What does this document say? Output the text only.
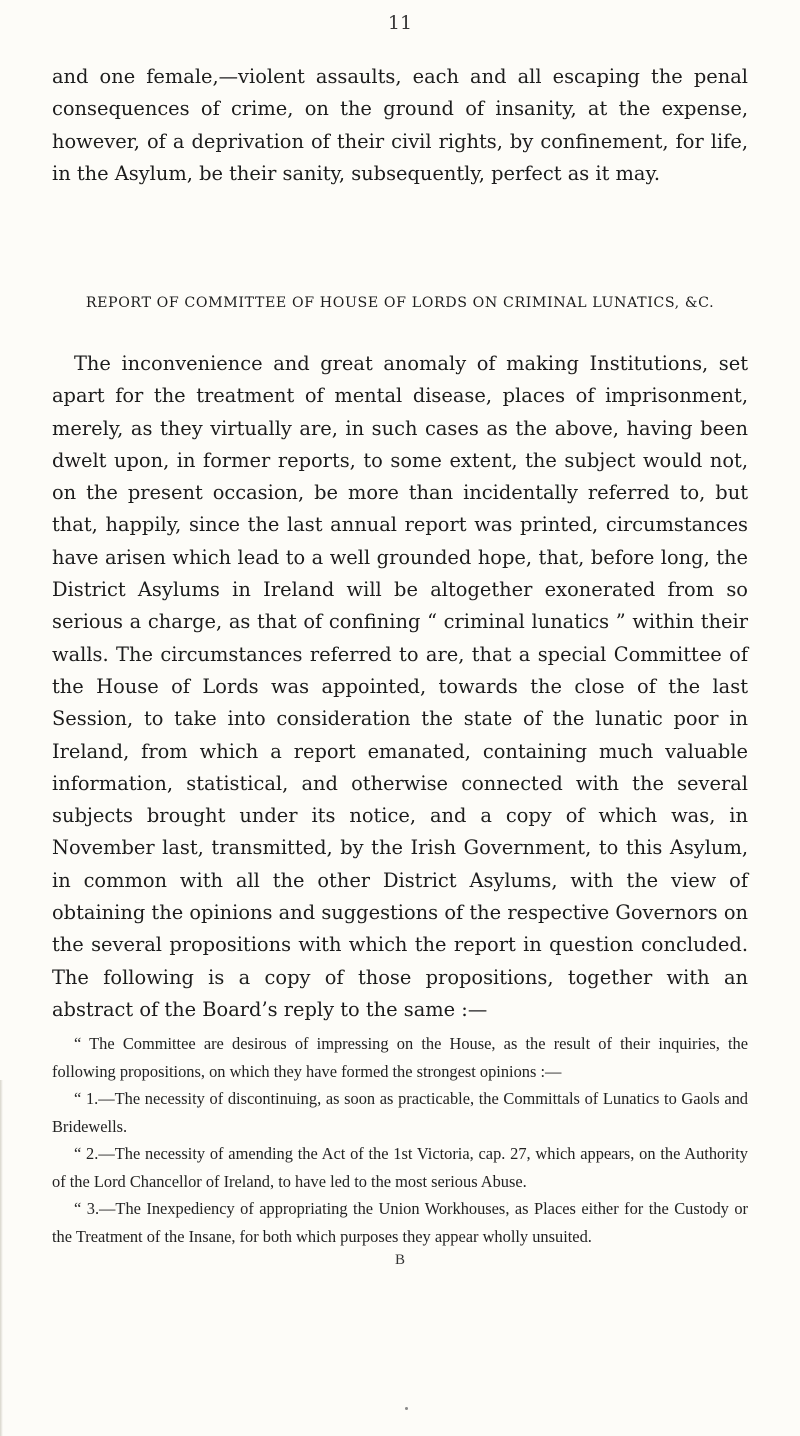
11

and one female,—violent assaults, each and all escaping the penal consequences of crime, on the ground of insanity, at the expense, however, of a deprivation of their civil rights, by confinement, for life, in the Asylum, be their sanity, subsequently, perfect as it may.

REPORT OF COMMITTEE OF HOUSE OF LORDS ON CRIMINAL LUNATICS, &C.

The inconvenience and great anomaly of making Institutions, set apart for the treatment of mental disease, places of imprisonment, merely, as they virtually are, in such cases as the above, having been dwelt upon, in former reports, to some extent, the subject would not, on the present occasion, be more than incidentally referred to, but that, happily, since the last annual report was printed, circumstances have arisen which lead to a well grounded hope, that, before long, the District Asylums in Ireland will be altogether exonerated from so serious a charge, as that of confining “ criminal lunatics ” within their walls. The circumstances referred to are, that a special Committee of the House of Lords was appointed, towards the close of the last Session, to take into consideration the state of the lunatic poor in Ireland, from which a report emanated, containing much valuable information, statistical, and otherwise connected with the several subjects brought under its notice, and a copy of which was, in November last, transmitted, by the Irish Government, to this Asylum, in common with all the other District Asylums, with the view of obtaining the opinions and suggestions of the respective Governors on the several propositions with which the report in question concluded. The following is a copy of those propositions, together with an abstract of the Board’s reply to the same :—

“ The Committee are desirous of impressing on the House, as the result of their inquiries, the following propositions, on which they have formed the strongest opinions :—

“ 1.—The necessity of discontinuing, as soon as practicable, the Committals of Lunatics to Gaols and Bridewells.

“ 2.—The necessity of amending the Act of the 1st Victoria, cap. 27, which appears, on the Authority of the Lord Chancellor of Ireland, to have led to the most serious Abuse.

“ 3.—The Inexpediency of appropriating the Union Workhouses, as Places either for the Custody or the Treatment of the Insane, for both which purposes they appear wholly unsuited.

B
